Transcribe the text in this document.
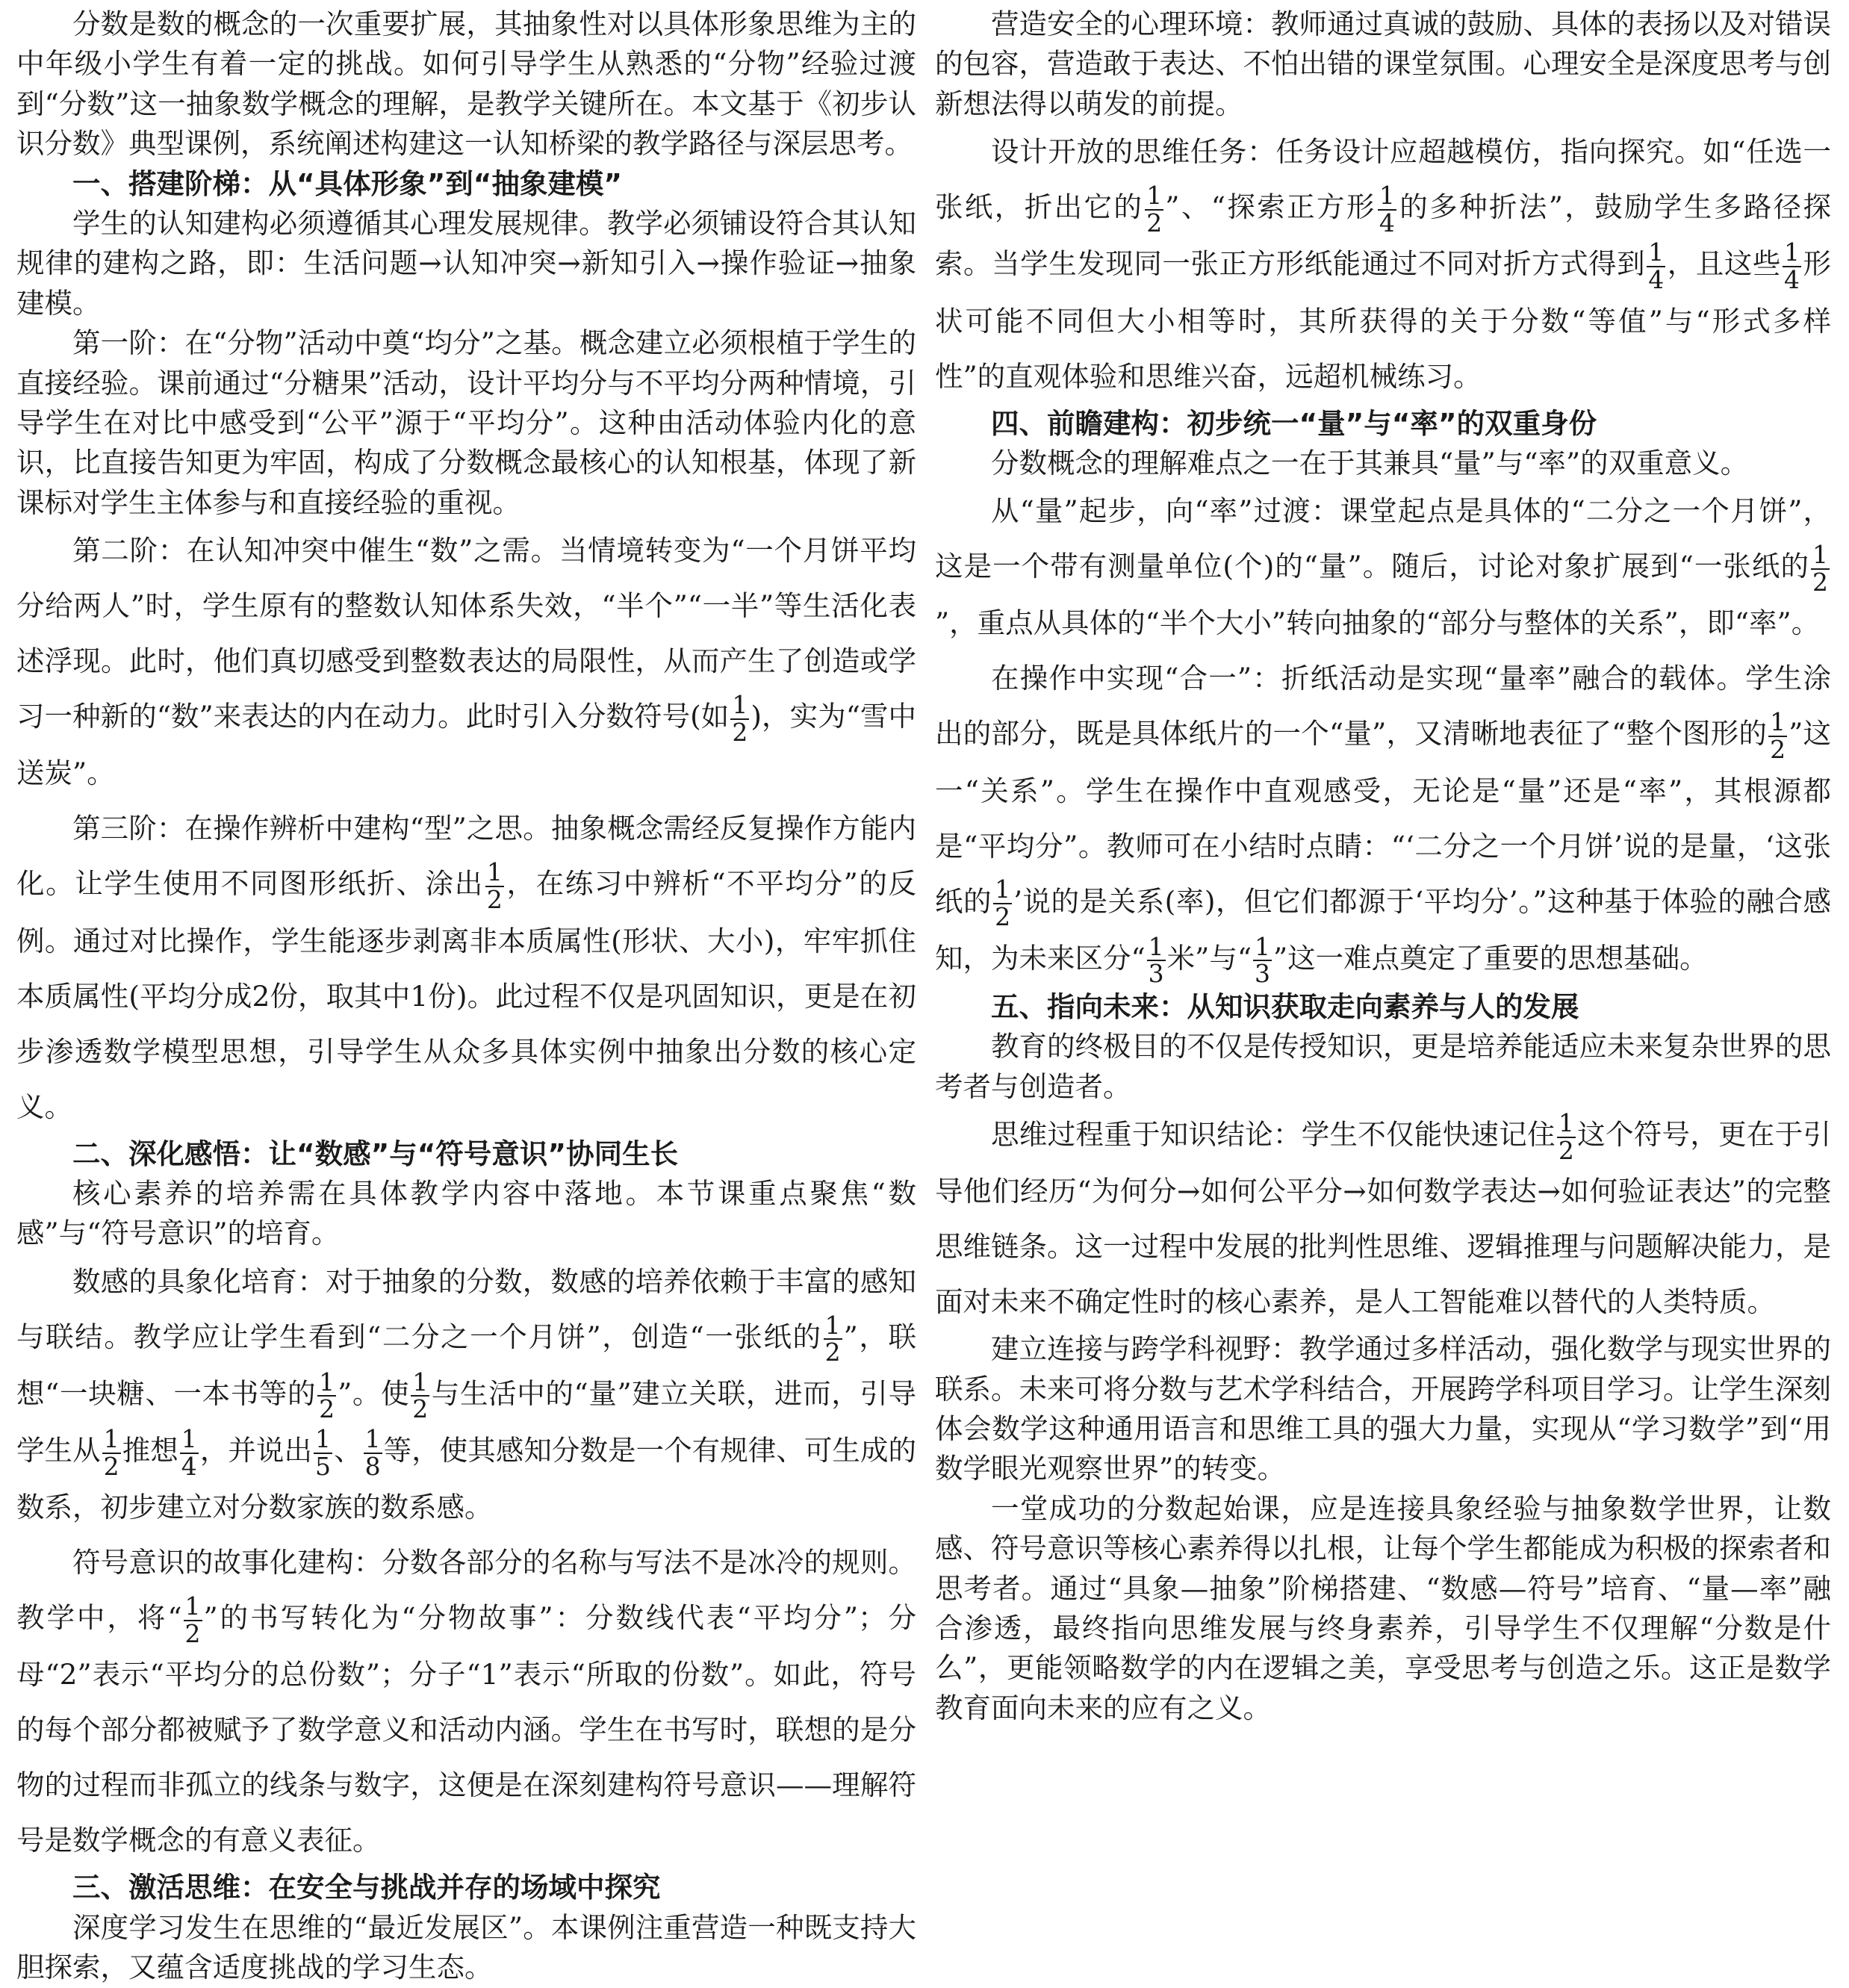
分数是数的概念的一次重要扩展，其抽象性对以具体形象思维为主的中年级小学生有着一定的挑战。如何引导学生从熟悉的“分物”经验过渡到“分数”这一抽象数学概念的理解，是教学关键所在。本文基于《初步认识分数》典型课例，系统阐述构建这一认知桥梁的教学路径与深层思考。

一、搭建阶梯：从“具体形象”到“抽象建模”

学生的认知建构必须遵循其心理发展规律。教学必须铺设符合其认知规律的建构之路，即：生活问题→认知冲突→新知引入→操作验证→抽象建模。

第一阶：在“分物”活动中奠“均分”之基。概念建立必须根植于学生的直接经验。课前通过“分糖果”活动，设计平均分与不平均分两种情境，引导学生在对比中感受到“公平”源于“平均分”。这种由活动体验内化的意识，比直接告知更为牢固，构成了分数概念最核心的认知根基，体现了新课标对学生主体参与和直接经验的重视。

第二阶：在认知冲突中催生“数”之需。当情境转变为“一个月饼平均分给两人”时，学生原有的整数认知体系失效，“半个”“一半”等生活化表述浮现。此时，他们真切感受到整数表达的局限性，从而产生了创造或学习一种新的“数”来表达的内在动力。此时引入分数符号(如 $\frac{1}{2}$ )，实为“雪中送炭”。

第三阶：在操作辨析中建构“型”之思。抽象概念需经反复操作方能内化。让学生使用不同图形纸折、涂出 $\frac{1}{2}$ ，在练习中辨析“不平均分”的反例。通过对比操作，学生能逐步剥离非本质属性(形状、大小)，牢牢抓住本质属性(平均分成2份，取其中1份)。此过程不仅是巩固知识，更是在初步渗透数学模型思想，引导学生从众多具体实例中抽象出分数的核心定义。

二、深化感悟：让“数感”与“符号意识”协同生长

核心素养的培养需在具体教学内容中落地。本节课重点聚焦“数感”与“符号意识”的培育。

数感的具象化培育：对于抽象的分数，数感的培养依赖于丰富的感知与联结。教学应让学生看到“二分之一个月饼”，创造“一张纸的 $\frac{1}{2}$ ”，联想“一块糖、一本书等的 $\frac{1}{2}$ ”。使 $\frac{1}{2}$ 与生活中的“量”建立关联，进而，引导学生从 $\frac{1}{2}$ 推想 $\frac{1}{4}$ ，并说出 $\frac{1}{5}$ 、 $\frac{1}{8}$ 等，使其感知分数是一个有规律、可生成的数系，初步建立对分数家族的数系感。

符号意识的故事化建构：分数各部分的名称与写法不是冰冷的规则。教学中，将“ $\frac{1}{2}$ ”的书写转化为“分物故事”：分数线代表“平均分”；分母“2”表示“平均分的总份数”；分子“1”表示“所取的份数”。如此，符号的每个部分都被赋予了数学意义和活动内涵。学生在书写时，联想的是分物的过程而非孤立的线条与数字，这便是在深刻建构符号意识——理解符号是数学概念的有意义表征。

三、激活思维：在安全与挑战并存的场域中探究

深度学习发生在思维的“最近发展区”。本课例注重营造一种既支持大胆探索，又蕴含适度挑战的学习生态。

营造安全的心理环境：教师通过真诚的鼓励、具体的表扬以及对错误的包容，营造敢于表达、不怕出错的课堂氛围。心理安全是深度思考与创新想法得以萌发的前提。

设计开放的思维任务：任务设计应超越模仿，指向探究。如“任选一张纸，折出它的 $\frac{1}{2}$ ”、“探索正方形 $\frac{1}{4}$ 的多种折法”，鼓励学生多路径探索。当学生发现同一张正方形纸能通过不同对折方式得到 $\frac{1}{4}$ ，且这些 $\frac{1}{4}$ 形状可能不同但大小相等时，其所获得的关于分数“等值”与“形式多样性”的直观体验和思维兴奋，远超机械练习。

四、前瞻建构：初步统一“量”与“率”的双重身份

分数概念的理解难点之一在于其兼具“量”与“率”的双重意义。

从“量”起步，向“率”过渡：课堂起点是具体的“二分之一个月饼”，这是一个带有测量单位(个)的“量”。随后，讨论对象扩展到“一张纸的 $\frac{1}{2}$
”，重点从具体的“半个大小”转向抽象的“部分与整体的关系”，即“率”。

在操作中实现“合一”：折纸活动是实现“量率”融合的载体。学生涂出的部分，既是具体纸片的一个“量”，又清晰地表征了“整个图形的 $\frac{1}{2}$ ”这一“关系”。学生在操作中直观感受，无论是“量”还是“率”，其根源都是“平均分”。教师可在小结时点睛：“‘二分之一个月饼’说的是量，‘这张纸的 $\frac{1}{2}$ ’说的是关系(率)，但它们都源于‘平均分’。”这种基于体验的融合感知，为未来区分“ $\frac{1}{3}$ 米”与“ $\frac{1}{3}$ ”这一难点奠定了重要的思想基础。

五、指向未来：从知识获取走向素养与人的发展

教育的终极目的不仅是传授知识，更是培养能适应未来复杂世界的思考者与创造者。

思维过程重于知识结论：学生不仅能快速记住 $\frac{1}{2}$ 这个符号，更在于引导他们经历“为何分→如何公平分→如何数学表达→如何验证表达”的完整思维链条。这一过程中发展的批判性思维、逻辑推理与问题解决能力，是面对未来不确定性时的核心素养，是人工智能难以替代的人类特质。

建立连接与跨学科视野：教学通过多样活动，强化数学与现实世界的联系。未来可将分数与艺术学科结合，开展跨学科项目学习。让学生深刻体会数学这种通用语言和思维工具的强大力量，实现从“学习数学”到“用数学眼光观察世界”的转变。

一堂成功的分数起始课，应是连接具象经验与抽象数学世界，让数感、符号意识等核心素养得以扎根，让每个学生都能成为积极的探索者和思考者。通过“具象—抽象”阶梯搭建、“数感—符号”培育、“量—率”融合渗透，最终指向思维发展与终身素养，引导学生不仅理解“分数是什么”，更能领略数学的内在逻辑之美，享受思考与创造之乐。这正是数学教育面向未来的应有之义。
